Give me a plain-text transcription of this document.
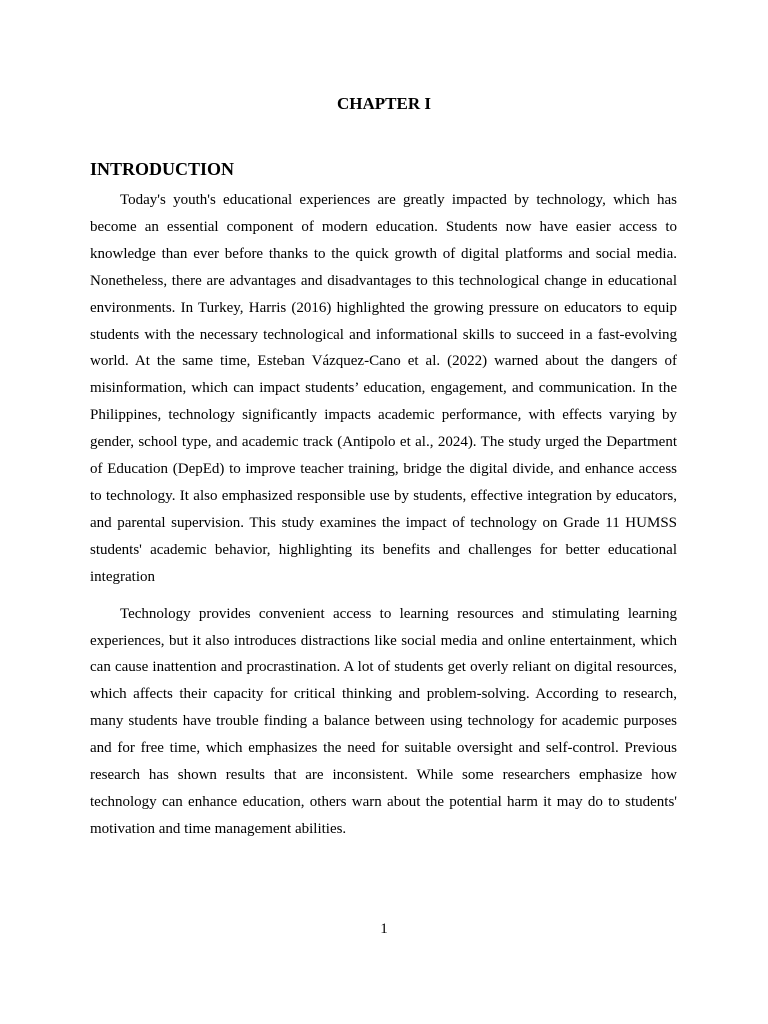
CHAPTER I
INTRODUCTION

Today's youth's educational experiences are greatly impacted by technology, which has become an essential component of modern education. Students now have easier access to knowledge than ever before thanks to the quick growth of digital platforms and social media. Nonetheless, there are advantages and disadvantages to this technological change in educational environments. In Turkey, Harris (2016) highlighted the growing pressure on educators to equip students with the necessary technological and informational skills to succeed in a fast-evolving world. At the same time, Esteban Vázquez-Cano et al. (2022) warned about the dangers of misinformation, which can impact students’ education, engagement, and communication. In the Philippines, technology significantly impacts academic performance, with effects varying by gender, school type, and academic track (Antipolo et al., 2024). The study urged the Department of Education (DepEd) to improve teacher training, bridge the digital divide, and enhance access to technology. It also emphasized responsible use by students, effective integration by educators, and parental supervision. This study examines the impact of technology on Grade 11 HUMSS students' academic behavior, highlighting its benefits and challenges for better educational integration

Technology provides convenient access to learning resources and stimulating learning experiences, but it also introduces distractions like social media and online entertainment, which can cause inattention and procrastination. A lot of students get overly reliant on digital resources, which affects their capacity for critical thinking and problem-solving. According to research, many students have trouble finding a balance between using technology for academic purposes and for free time, which emphasizes the need for suitable oversight and self-control. Previous research has shown results that are inconsistent. While some researchers emphasize how technology can enhance education, others warn about the potential harm it may do to students' motivation and time management abilities.

1
